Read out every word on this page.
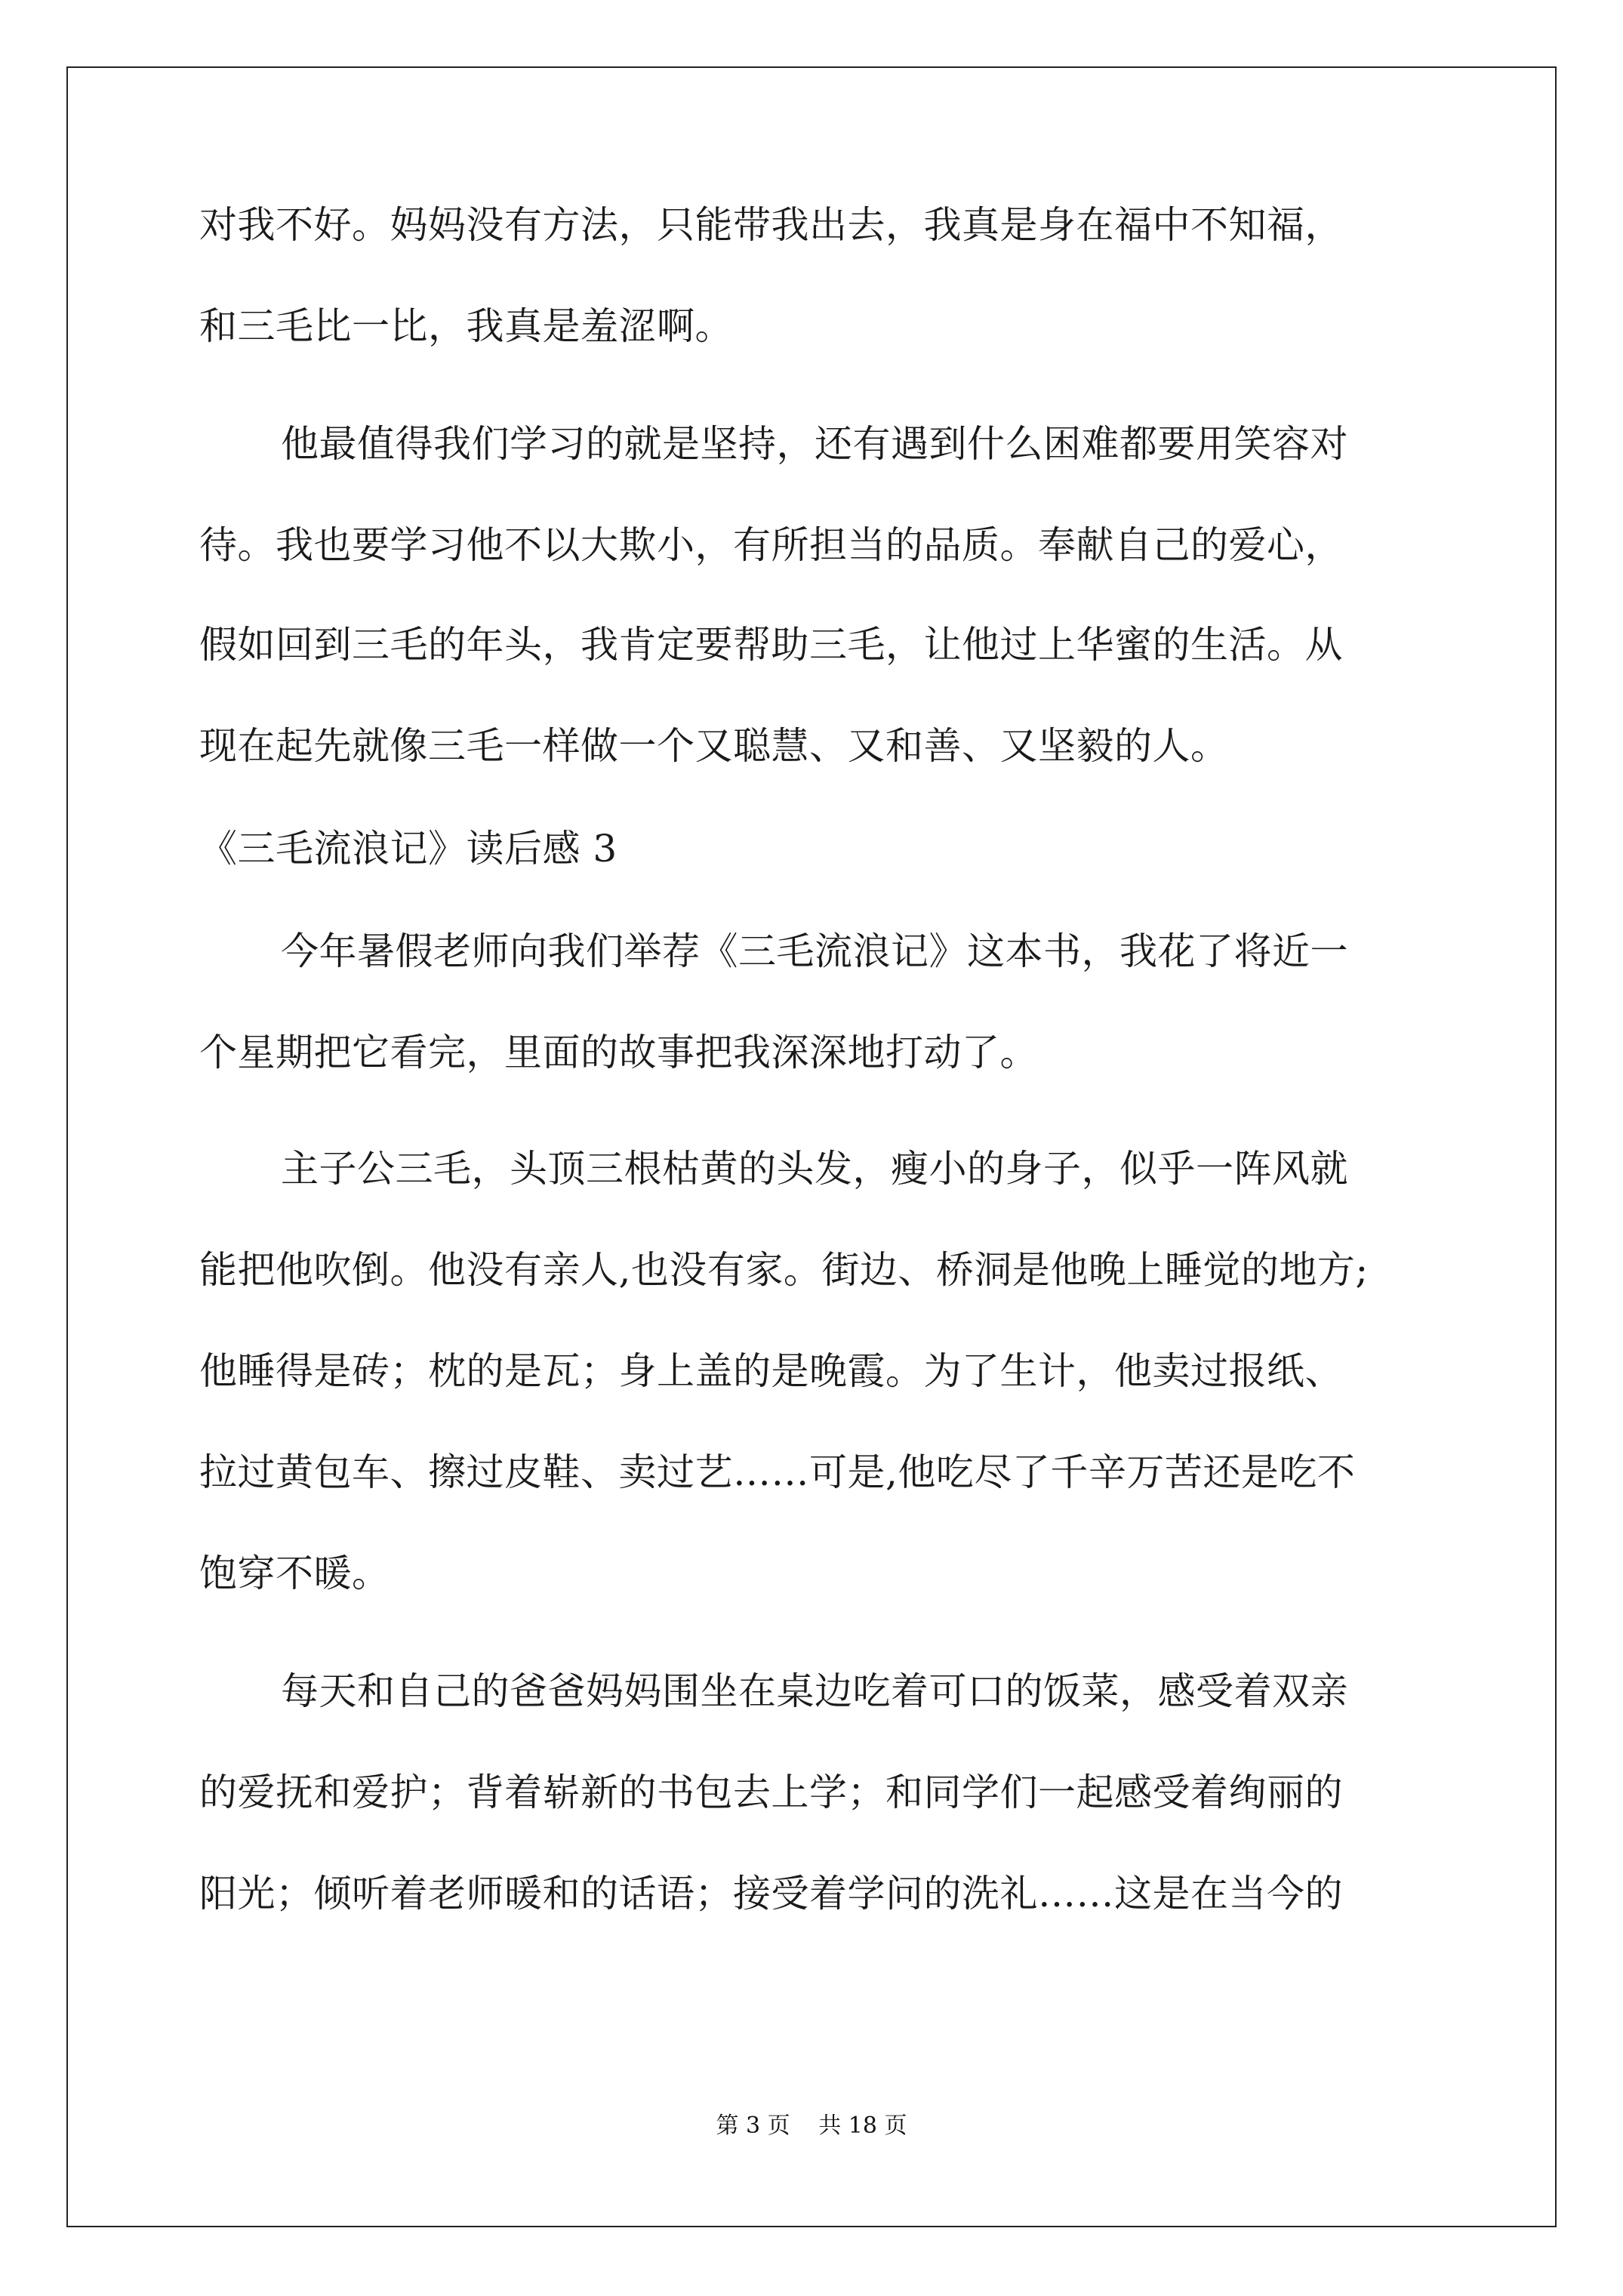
对我不好。妈妈没有方法，只能带我出去，我真是身在福中不知福，
和三毛比一比，我真是羞涩啊。
他最值得我们学习的就是坚持，还有遇到什么困难都要用笑容对
待。我也要学习他不以大欺小，有所担当的品质。奉献自己的爱心，
假如回到三毛的年头，我肯定要帮助三毛，让他过上华蜜的生活。从
现在起先就像三毛一样做一个又聪慧、又和善、又坚毅的人。
《三毛流浪记》读后感 3
今年暑假老师向我们举荐《三毛流浪记》这本书，我花了将近一
个星期把它看完，里面的故事把我深深地打动了。
主子公三毛，头顶三根枯黄的头发，瘦小的身子，似乎一阵风就
能把他吹倒。他没有亲人,也没有家。街边、桥洞是他晚上睡觉的地方;
他睡得是砖；枕的是瓦；身上盖的是晚霞。为了生计，他卖过报纸、
拉过黄包车、擦过皮鞋、卖过艺……可是,他吃尽了千辛万苦还是吃不
饱穿不暖。
每天和自己的爸爸妈妈围坐在桌边吃着可口的饭菜，感受着双亲
的爱抚和爱护；背着崭新的书包去上学；和同学们一起感受着绚丽的
阳光；倾听着老师暖和的话语；接受着学问的洗礼……这是在当今的
第 3 页 共 18 页
